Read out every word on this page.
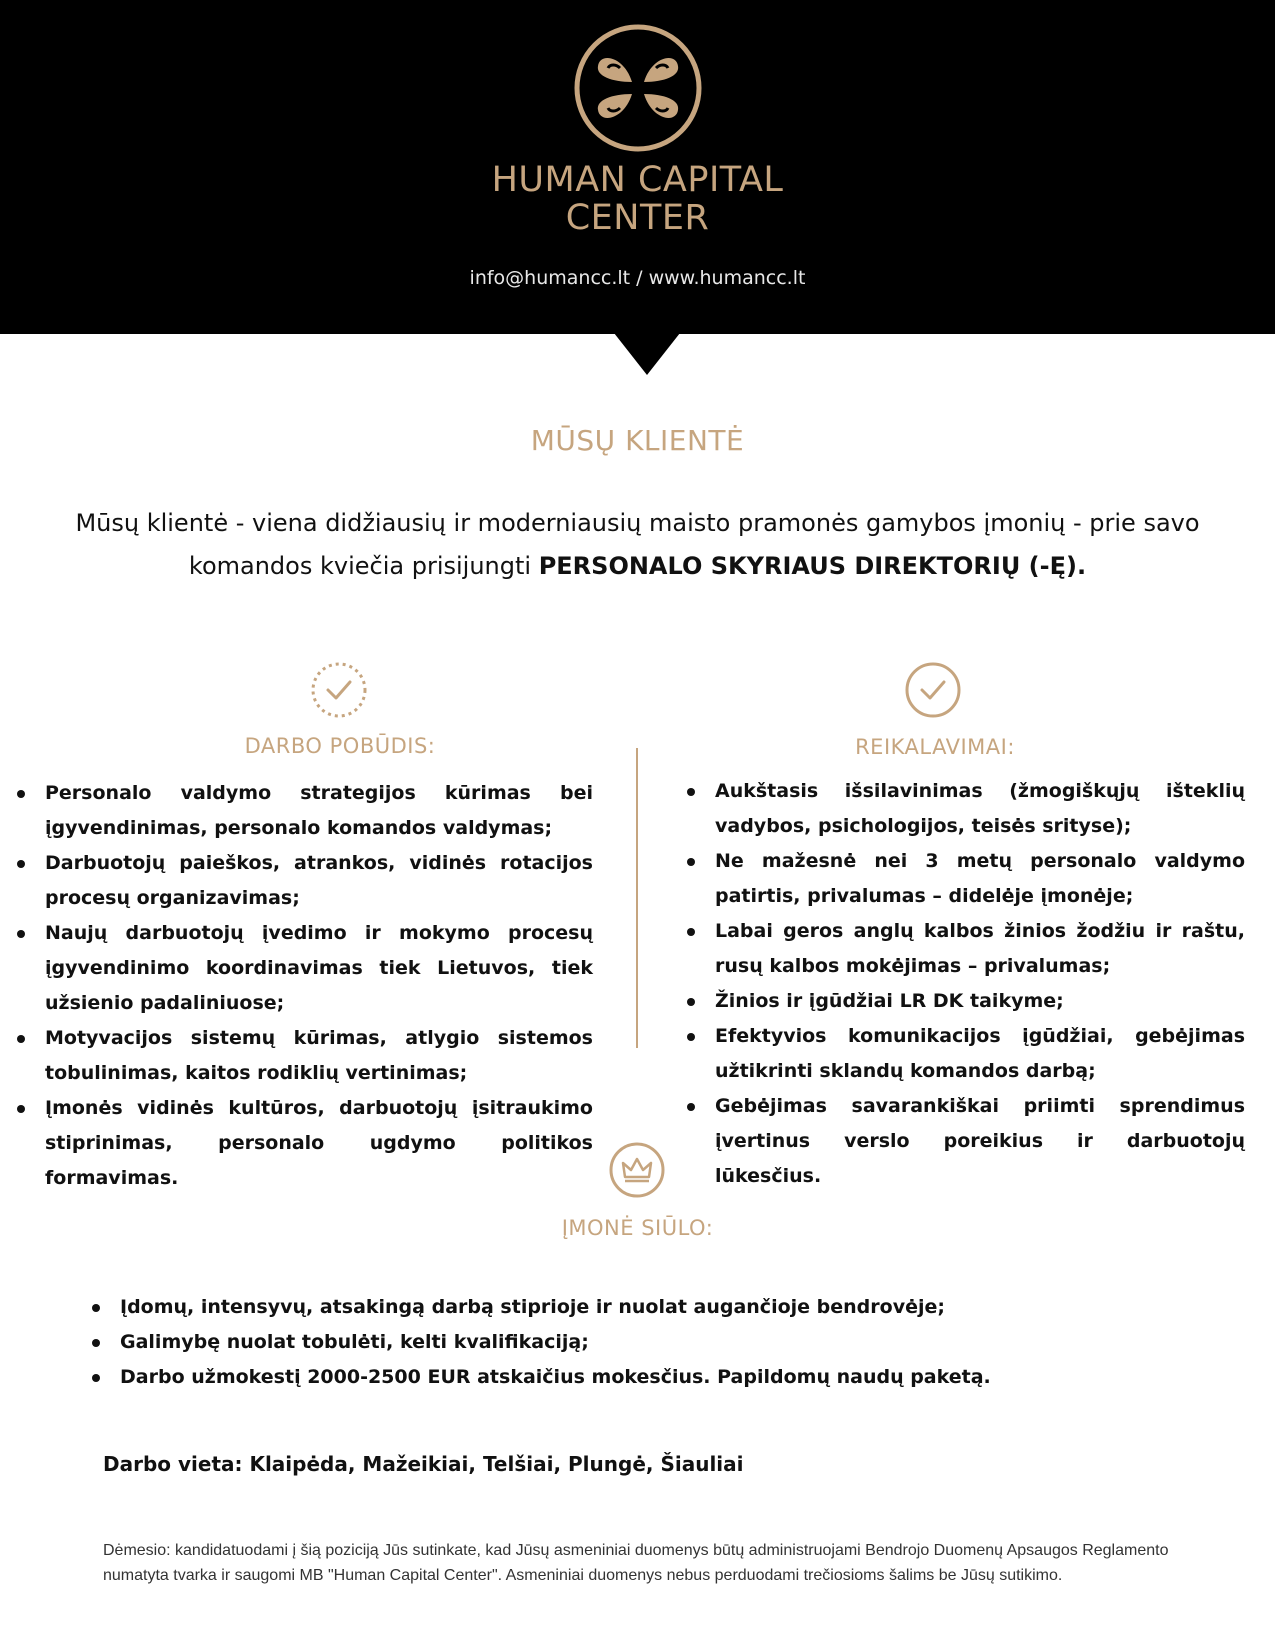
HUMAN CAPITAL
CENTER
info@humancc.lt / www.humancc.lt
MŪSŲ KLIENTĖ
Mūsų klientė - viena didžiausių ir moderniausių maisto pramonės gamybos įmonių - prie savo komandos kviečia prisijungti PERSONALO SKYRIAUS DIREKTORIŲ (-Ę).
DARBO POBŪDIS:
Personalo valdymo strategijos kūrimas bei įgyvendinimas, personalo komandos valdymas;
Darbuotojų paieškos, atrankos, vidinės rotacijos procesų organizavimas;
Naujų darbuotojų įvedimo ir mokymo procesų įgyvendinimo koordinavimas tiek Lietuvos, tiek užsienio padaliniuose;
Motyvacijos sistemų kūrimas, atlygio sistemos tobulinimas, kaitos rodiklių vertinimas;
Įmonės vidinės kultūros, darbuotojų įsitraukimo stiprinimas, personalo ugdymo politikos formavimas.
REIKALAVIMAI:
Aukštasis išsilavinimas (žmogiškųjų išteklių vadybos, psichologijos, teisės srityse);
Ne mažesnė nei 3 metų personalo valdymo patirtis, privalumas – didelėje įmonėje;
Labai geros anglų kalbos žinios žodžiu ir raštu, rusų kalbos mokėjimas – privalumas;
Žinios ir įgūdžiai LR DK taikyme;
Efektyvios komunikacijos įgūdžiai, gebėjimas užtikrinti sklandų komandos darbą;
Gebėjimas savarankiškai priimti sprendimus įvertinus verslo poreikius ir darbuotojų lūkesčius.
ĮMONĖ SIŪLO:
Įdomų, intensyvų, atsakingą darbą stiprioje ir nuolat augančioje bendrovėje;
Galimybę nuolat tobulėti, kelti kvalifikaciją;
Darbo užmokestį 2000-2500 EUR atskaičius mokesčius. Papildomų naudų paketą.
Darbo vieta: Klaipėda, Mažeikiai, Telšiai, Plungė, Šiauliai
Dėmesio: kandidatuodami į šią poziciją Jūs sutinkate, kad Jūsų asmeniniai duomenys būtų administruojami Bendrojo Duomenų Apsaugos Reglamento numatyta tvarka ir saugomi MB "Human Capital Center". Asmeniniai duomenys nebus perduodami trečiosioms šalims be Jūsų sutikimo.
